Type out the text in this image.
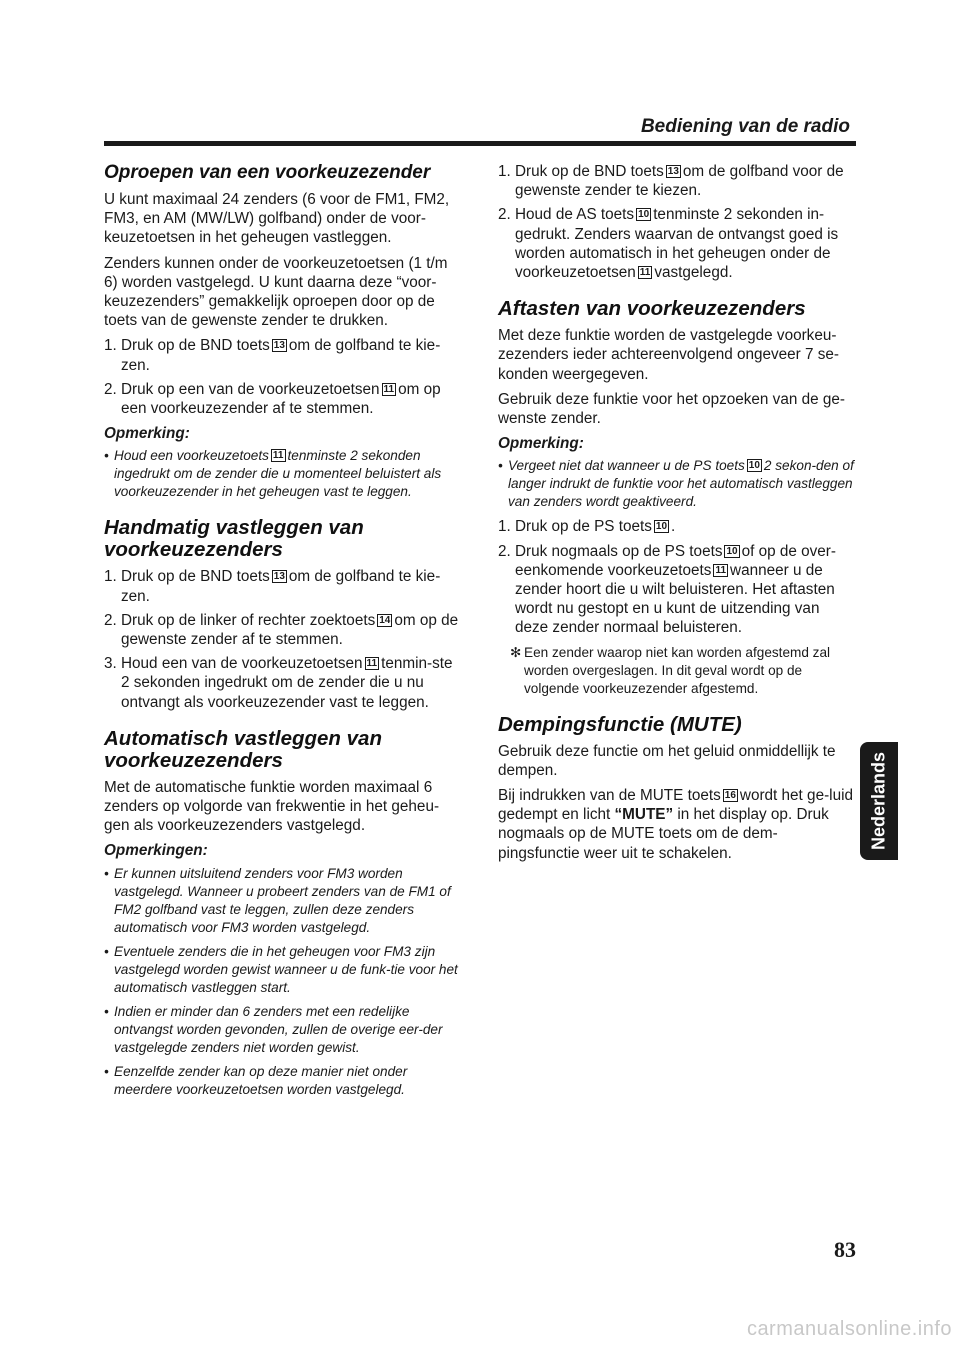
Bediening van de radio
Oproepen van een voorkeuzezender

U kunt maximaal 24 zenders (6 voor de FM1, FM2, FM3, en AM (MW/LW) golfband) onder de voor-keuzetoetsen in het geheugen vastleggen.

Zenders kunnen onder de voorkeuzetoetsen (1 t/m 6) worden vastgelegd. U kunt daarna deze “voor-keuzezenders” gemakkelijk oproepen door op de toets van de gewenste zender te drukken.

1. Druk op de BND toets 13 om de golfband te kie-zen.
2. Druk op een van de voorkeuzetoetsen 11 om op een voorkeuzezender af te stemmen.
Opmerking:
• Houd een voorkeuzetoets 11 tenminste 2 sekonden ingedrukt om de zender die u momenteel beluistert als voorkeuzezender in het geheugen vast te leggen.
Handmatig vastleggen van voorkeuzezenders
1. Druk op de BND toets 13 om de golfband te kie-zen.
2. Druk op de linker of rechter zoektoets 14 om op de gewenste zender af te stemmen.
3. Houd een van de voorkeuzetoetsen 11 tenmin-ste 2 sekonden ingedrukt om de zender die u nu ontvangt als voorkeuzezender vast te leggen.
Automatisch vastleggen van voorkeuzezenders

Met de automatische funktie worden maximaal 6 zenders op volgorde van frekwentie in het geheu-gen als voorkeuzezenders vastgelegd.

Opmerkingen:
• Er kunnen uitsluitend zenders voor FM3 worden vastgelegd. Wanneer u probeert zenders van de FM1 of FM2 golfband vast te leggen, zullen deze zenders automatisch voor FM3 worden vastgelegd.
• Eventuele zenders die in het geheugen voor FM3 zijn vastgelegd worden gewist wanneer u de funk-tie voor het automatisch vastleggen start.
• Indien er minder dan 6 zenders met een redelijke ontvangst worden gevonden, zullen de overige eer-der vastgelegde zenders niet worden gewist.
• Eenzelfde zender kan op deze manier niet onder meerdere voorkeuzetoetsen worden vastgelegd.
1. Druk op de BND toets 13 om de golfband voor de gewenste zender te kiezen.
2. Houd de AS toets 10 tenminste 2 sekonden in-gedrukt. Zenders waarvan de ontvangst goed is worden automatisch in het geheugen onder de voorkeuzetoetsen 11 vastgelegd.
Aftasten van voorkeuzezenders

Met deze funktie worden de vastgelegde voorkeu-zezenders ieder achtereenvolgend ongeveer 7 se-konden weergegeven.

Gebruik deze funktie voor het opzoeken van de ge-wenste zender.

Opmerking:
• Vergeet niet dat wanneer u de PS toets 10 2 sekon-den of langer indrukt de funktie voor het automatisch vastleggen van zenders wordt geaktiveerd.
1. Druk op de PS toets 10 .
2. Druk nogmaals op de PS toets 10 of op de over-eenkomende voorkeuzetoets 11 wanneer u de zender hoort die u wilt beluisteren. Het aftasten wordt nu gestopt en u kunt de uitzending van deze zender normaal beluisteren.
✻ Een zender waarop niet kan worden afgestemd zal worden overgeslagen. In dit geval wordt op de volgende voorkeuzezender afgestemd.
Dempingsfunctie (MUTE)

Gebruik deze functie om het geluid onmiddellijk te dempen.

Bij indrukken van de MUTE toets 16 wordt het ge-luid gedempt en licht “MUTE” in het display op. Druk nogmaals op de MUTE toets om de dem-pingsfunctie weer uit te schakelen.

Nederlands
83
carmanualsonline.info
